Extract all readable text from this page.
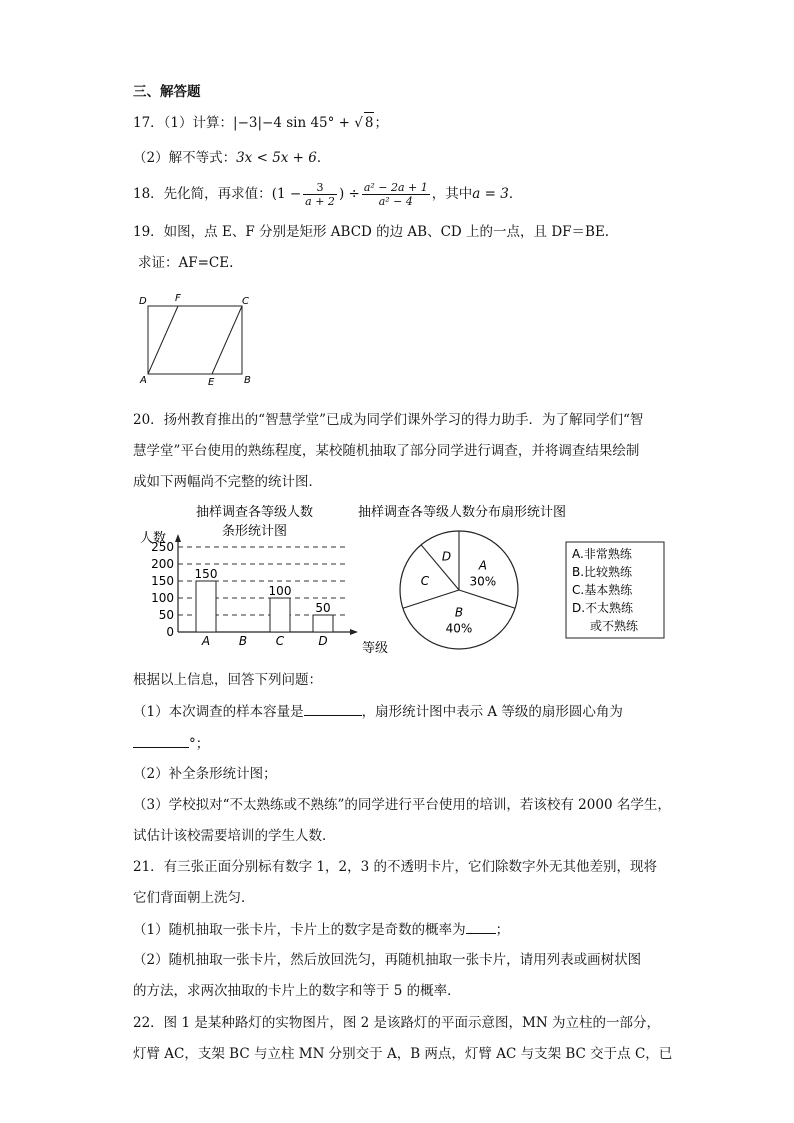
三、解答题
17．（1）计算：|−3|−4 sin 45° + √ 8；
（2）解不等式：3x < 5x + 6．
18．先化简，再求值：($1 - \frac{3}{a + 2}$ ) ÷ $\frac{\text{a² − 2a + 1}}{\text{a² − 4}}$ ，其中a = 3．
19．如图，点 E、F 分别是矩形 ABCD 的边 AB、CD 上的一点，且 DF＝BE.
求证：AF=CE.
D	F	C
A	E	B
20．扬州教育推出的“智慧学堂”已成为同学们课外学习的得力助手．为了解同学们“智
慧学堂”平台使用的熟练程度，某校随机抽取了部分同学进行调查，并将调查结果绘制
成如下两幅尚不完整的统计图．
抽样调查各等级人数
条形统计图
人数
等级
0
50
100
150
200
250
A B C	D
150
100
50
抽样调查各等级人数分布扇形统计图
A
30%
B
40%
C
D	A.非常熟练
B.比较熟练
C.基本熟练
D.不太熟练
或不熟练
根据以上信息，回答下列问题：
（1）本次调查的样本容量是	，扇形统计图中表示 A 等级的扇形圆心角为
°；
（2）补全条形统计图；
（3）学校拟对“不太熟练或不熟练”的同学进行平台使用的培训，若该校有 2000 名学生，
试估计该校需要培训的学生人数．
21．有三张正面分别标有数字 1，2，3 的不透明卡片，它们除数字外无其他差别，现将
它们背面朝上洗匀．
（1）随机抽取一张卡片，卡片上的数字是奇数的概率为 ；
（2）随机抽取一张卡片，然后放回洗匀，再随机抽取一张卡片，请用列表或画树状图
的方法，求两次抽取的卡片上的数字和等于 5 的概率．
22．图 1 是某种路灯的实物图片，图 2 是该路灯的平面示意图，MN 为立柱的一部分，
灯臂 AC，支架 BC 与立柱 MN 分别交于 A，B 两点，灯臂 AC 与支架 BC 交于点 C，已
